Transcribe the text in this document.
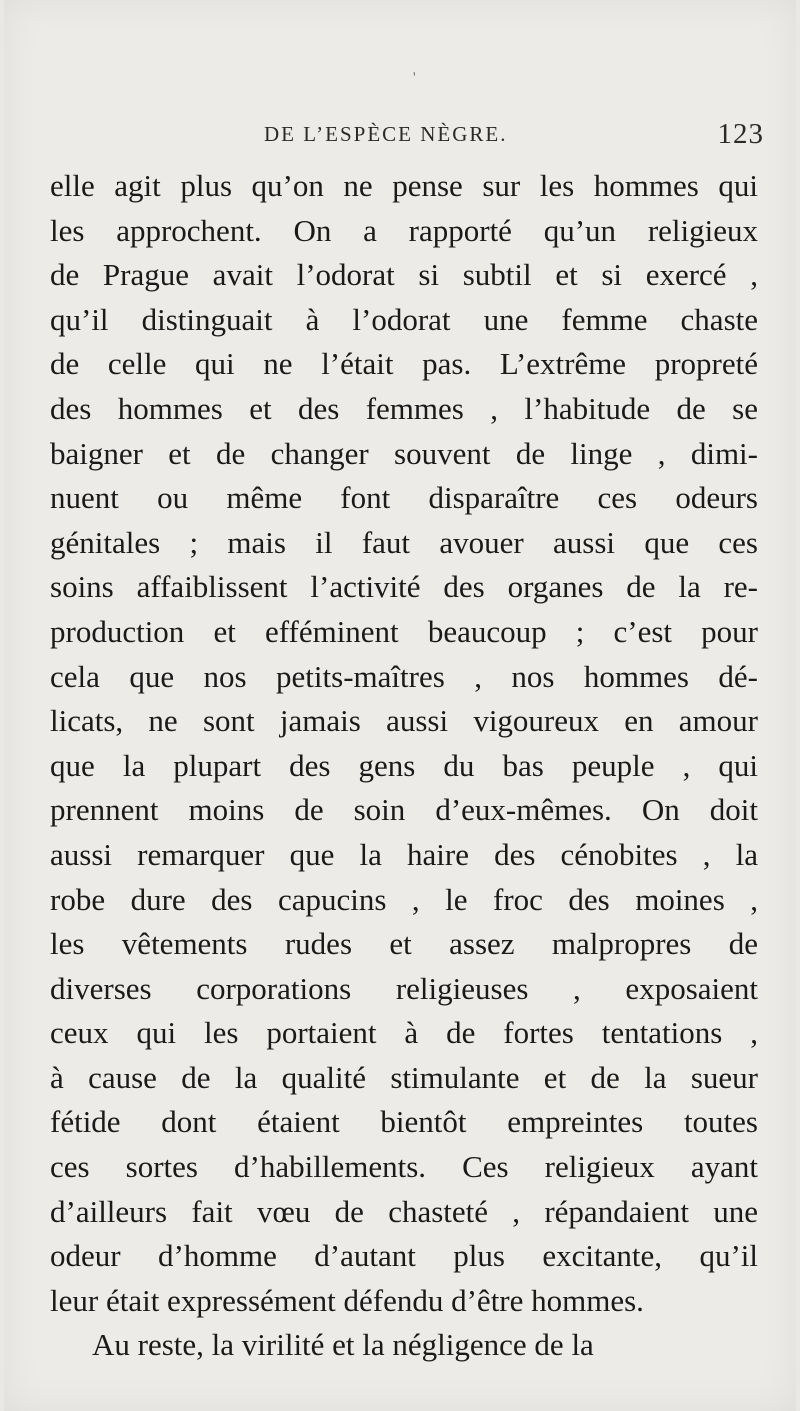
’
DE L’ESPÈCE NÈGRE.	123
elle agit plus qu’on ne pense sur les hommes qui
les approchent. On a rapporté qu’un religieux
de Prague avait l’odorat si subtil et si exercé ,
qu’il distinguait à l’odorat une femme chaste
de celle qui ne l’était pas. L’extrême propreté
des hommes et des femmes , l’habitude de se
baigner et de changer souvent de linge , dimi-
nuent ou même font disparaître ces odeurs
génitales ; mais il faut avouer aussi que ces
soins affaiblissent l’activité des organes de la re-
production et efféminent beaucoup ; c’est pour
cela que nos petits-maîtres , nos hommes dé-
licats, ne sont jamais aussi vigoureux en amour
que la plupart des gens du bas peuple , qui
prennent moins de soin d’eux-mêmes. On doit
aussi remarquer que la haire des cénobites , la
robe dure des capucins , le froc des moines ,
les vêtements rudes et assez malpropres de
diverses corporations religieuses , exposaient
ceux qui les portaient à de fortes tentations ,
à cause de la qualité stimulante et de la sueur
fétide dont étaient bientôt empreintes toutes
ces sortes d’habillements. Ces religieux ayant
d’ailleurs fait vœu de chasteté , répandaient une
odeur d’homme d’autant plus excitante, qu’il
leur était expressément défendu d’être hommes.
Au reste, la virilité et la négligence de la
